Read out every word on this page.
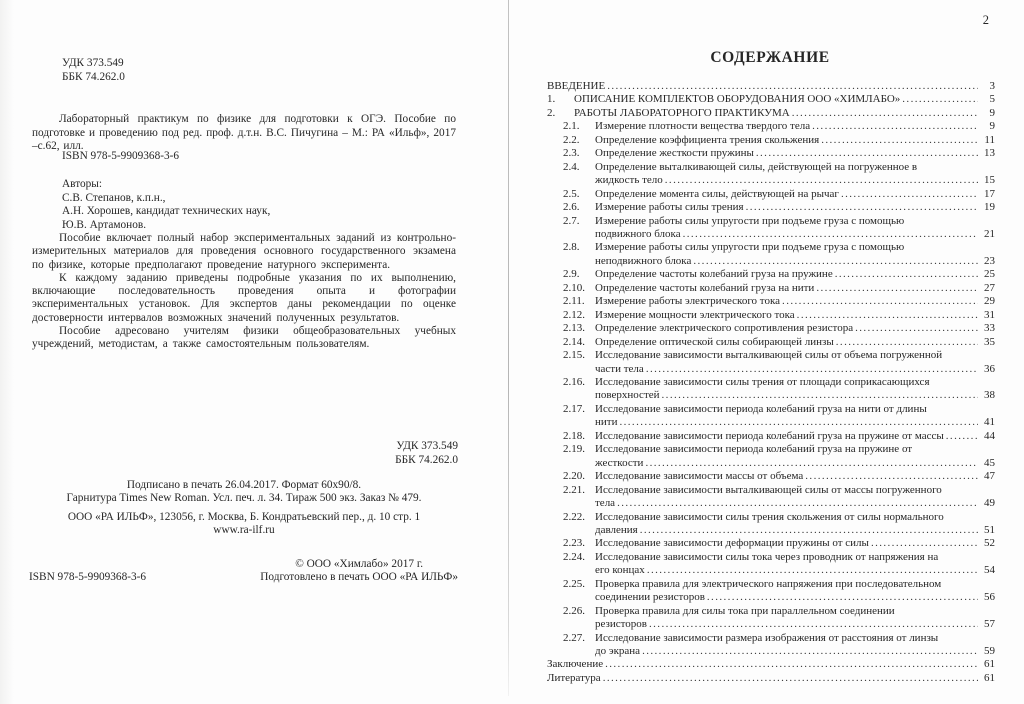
УДК 373.549
ББК 74.262.0

Лабораторный практикум по физике для подготовки к ОГЭ. Пособие по подготовке и проведению под ред. проф. д.т.н. В.С. Пичугина – М.: РА «Ильф», 2017 –с.62, илл.

ISBN 978-5-9909368-3-6
Авторы:
С.В. Степанов, к.п.н.,
А.Н. Хорошев, кандидат технических наук,
Ю.В. Артамонов.

Пособие включает полный набор экспериментальных заданий из контрольно-измерительных материалов для проведения основного государственного экзамена по физике, которые предполагают проведение натурного эксперимента.

К каждому заданию приведены подробные указания по их выполнению, включающие последовательность проведения опыта и фотографии экспериментальных установок. Для экспертов даны рекомендации по оценке достоверности интервалов возможных значений полученных результатов.

Пособие адресовано учителям физики общеобразовательных учебных учреждений, методистам, а также самостоятельным пользователям.

УДК 373.549
ББК 74.262.0
Подписано в печать 26.04.2017. Формат 60х90/8.
Гарнитура Times New Roman. Усл. печ. л. 34. Тираж 500 экз. Заказ № 479.
ООО «РА ИЛЬФ», 123056, г. Москва, Б. Кондратьевский пер., д. 10 стр. 1
www.ra-ilf.ru
© ООО «Химлабо» 2017 г.
Подготовлено в печать ООО «РА ИЛЬФ»
ISBN 978-5-9909368-3-6
2
СОДЕРЖАНИЕ
ВВЕДЕНИЕ .....	3
1.	ОПИСАНИЕ КОМПЛЕКТОВ ОБОРУДОВАНИЯ ООО «ХИМЛАБО» .....	5
2.	РАБОТЫ ЛАБОРАТОРНОГО ПРАКТИКУМА .....	9
2.1.	Измерение плотности вещества твердого тела .....	9
2.2.	Определение коэффициента трения скольжения .....	11
2.3.	Определение жесткости пружины .....	13
2.4.	Определение выталкивающей силы, действующей на погруженное в
жидкость тело .....	15
2.5.	Определение момента силы, действующей на рычаг .....	17
2.6.	Измерение работы силы трения .....	19
2.7.	Измерение работы силы упругости при подъеме груза с помощью
подвижного блока .....	21
2.8.	Измерение работы силы упругости при подъеме груза с помощью
неподвижного блока .....	23
2.9.	Определение частоты колебаний груза на пружине .....	25
2.10. Определение частоты колебаний груза на нити .....	27
2.11. Измерение работы электрического тока .....	29
2.12. Измерение мощности электрического тока .....	31
2.13. Определение электрического сопротивления резистора .....	33
2.14. Определение оптической силы собирающей линзы .....	35
2.15. Исследование зависимости выталкивающей силы от объема погруженной
части тела .....	36
2.16. Исследование зависимости силы трения от площади соприкасающихся
поверхностей .....	38
2.17. Исследование зависимости периода колебаний груза на нити от длины
нити .....	41
2.18. Исследование зависимости периода колебаний груза на пружине от массы .....	44
2.19. Исследование зависимости периода колебаний груза на пружине от
жесткости .....	45
2.20. Исследование зависимости массы от объема .....	47
2.21. Исследование зависимости выталкивающей силы от массы погруженного
тела .....	49
2.22. Исследование зависимости силы трения скольжения от силы нормального
давления .....	51
2.23. Исследование зависимости деформации пружины от силы .....	52
2.24. Исследование зависимости силы тока через проводник от напряжения на
его концах .....	54
2.25. Проверка правила для электрического напряжения при последовательном
соединении резисторов .....	56
2.26. Проверка правила для силы тока при параллельном соединении
резисторов .....	57
2.27. Исследование зависимости размера изображения от расстояния от линзы
до экрана .....	59
Заключение .....	61
Литература .....	61
